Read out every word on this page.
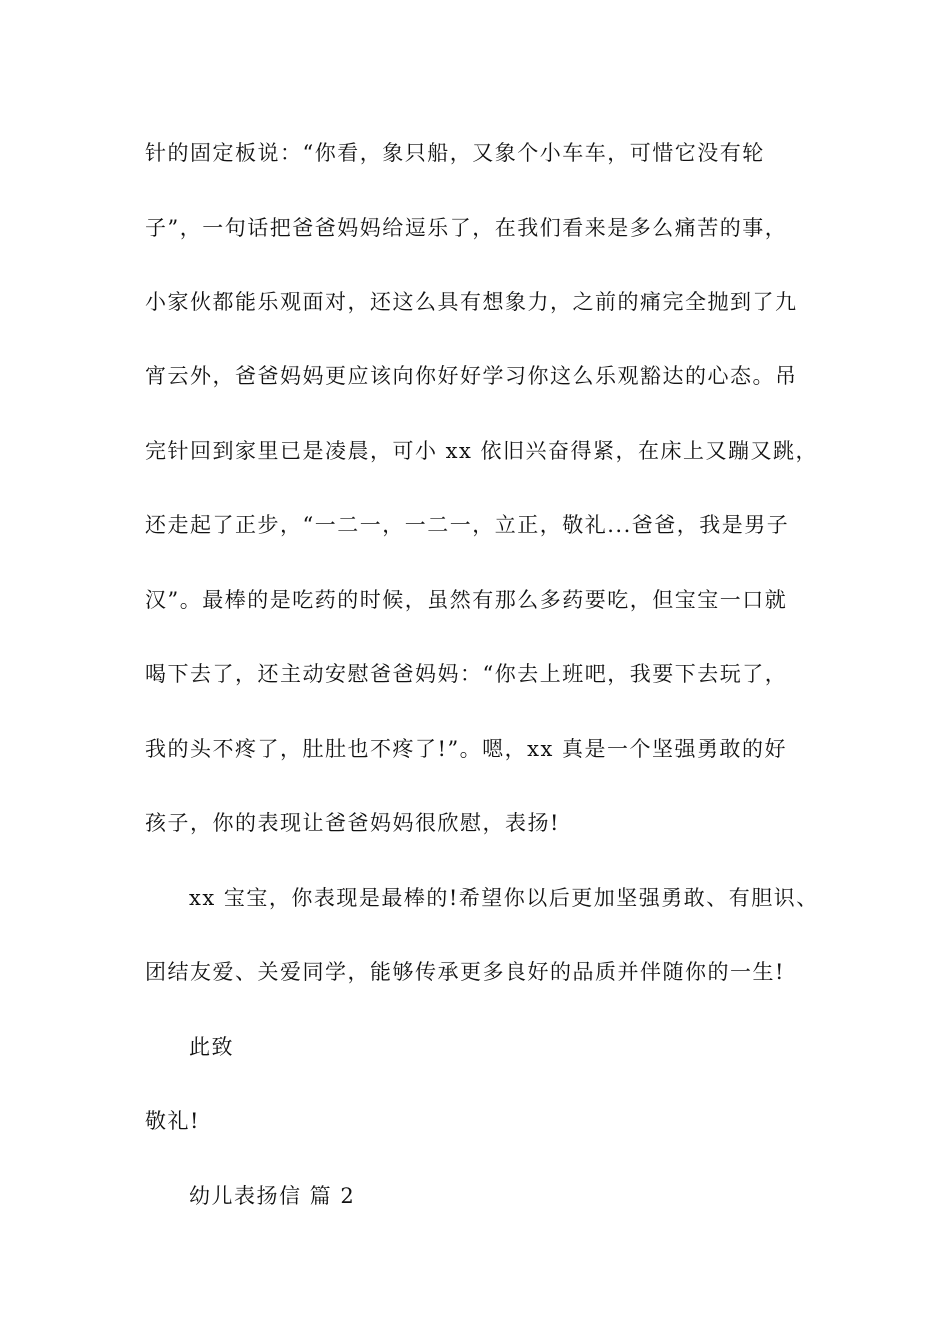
针的固定板说：“你看，象只船，又象个小车车，可惜它没有轮
子”，一句话把爸爸妈妈给逗乐了，在我们看来是多么痛苦的事，
小家伙都能乐观面对，还这么具有想象力，之前的痛完全抛到了九
宵云外，爸爸妈妈更应该向你好好学习你这么乐观豁达的心态。吊
完针回到家里已是凌晨，可小 xx 依旧兴奋得紧，在床上又蹦又跳，
还走起了正步，“一二一，一二一，立正，敬礼...爸爸，我是男子
汉”。最棒的是吃药的时候，虽然有那么多药要吃，但宝宝一口就
喝下去了，还主动安慰爸爸妈妈：“你去上班吧，我要下去玩了，
我的头不疼了，肚肚也不疼了!”。嗯，xx 真是一个坚强勇敢的好
孩子，你的表现让爸爸妈妈很欣慰，表扬!
xx 宝宝，你表现是最棒的!希望你以后更加坚强勇敢、有胆识、
团结友爱、关爱同学，能够传承更多良好的品质并伴随你的一生!
此致
敬礼!
幼儿表扬信 篇 2
